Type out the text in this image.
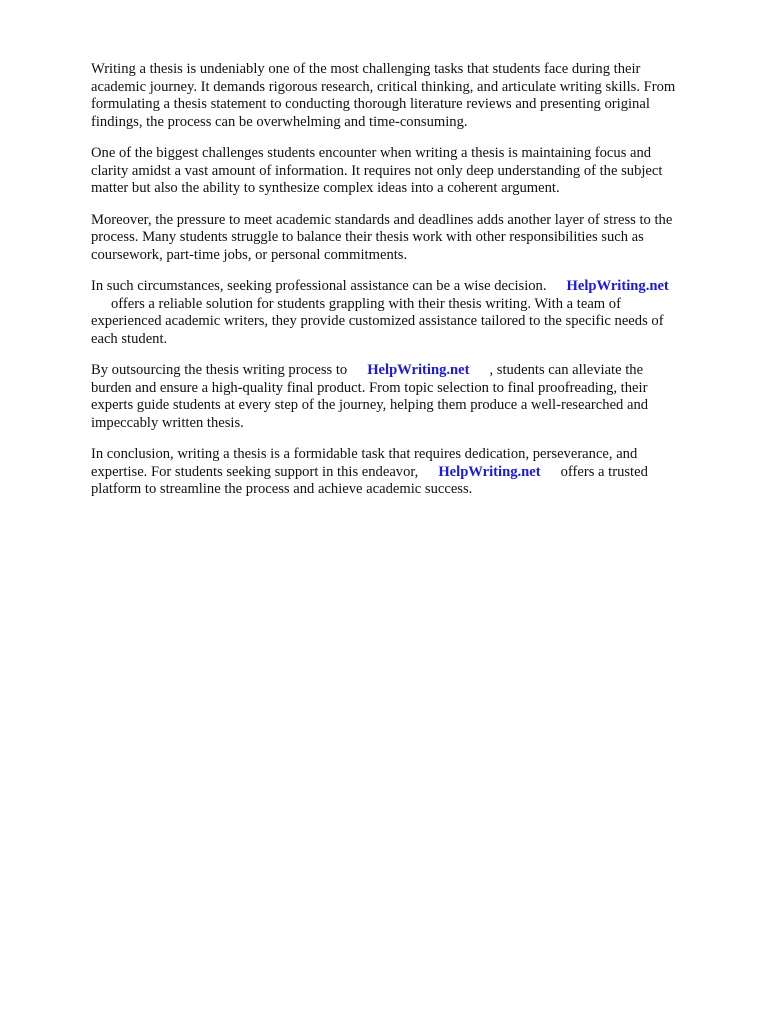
Writing a thesis is undeniably one of the most challenging tasks that students face during their
academic journey. It demands rigorous research, critical thinking, and articulate writing skills. From
formulating a thesis statement to conducting thorough literature reviews and presenting original
findings, the process can be overwhelming and time-consuming.

One of the biggest challenges students encounter when writing a thesis is maintaining focus and
clarity amidst a vast amount of information. It requires not only deep understanding of the subject
matter but also the ability to synthesize complex ideas into a coherent argument.

Moreover, the pressure to meet academic standards and deadlines adds another layer of stress to the
process. Many students struggle to balance their thesis work with other responsibilities such as
coursework, part-time jobs, or personal commitments.

In such circumstances, seeking professional assistance can be a wise decision. HelpWriting.net
offers a reliable solution for students grappling with their thesis writing. With a team of
experienced academic writers, they provide customized assistance tailored to the specific needs of
each student.

By outsourcing the thesis writing process to HelpWriting.net , students can alleviate the
burden and ensure a high-quality final product. From topic selection to final proofreading, their
experts guide students at every step of the journey, helping them produce a well-researched and
impeccably written thesis.

In conclusion, writing a thesis is a formidable task that requires dedication, perseverance, and
expertise. For students seeking support in this endeavor, HelpWriting.net offers a trusted
platform to streamline the process and achieve academic success.
